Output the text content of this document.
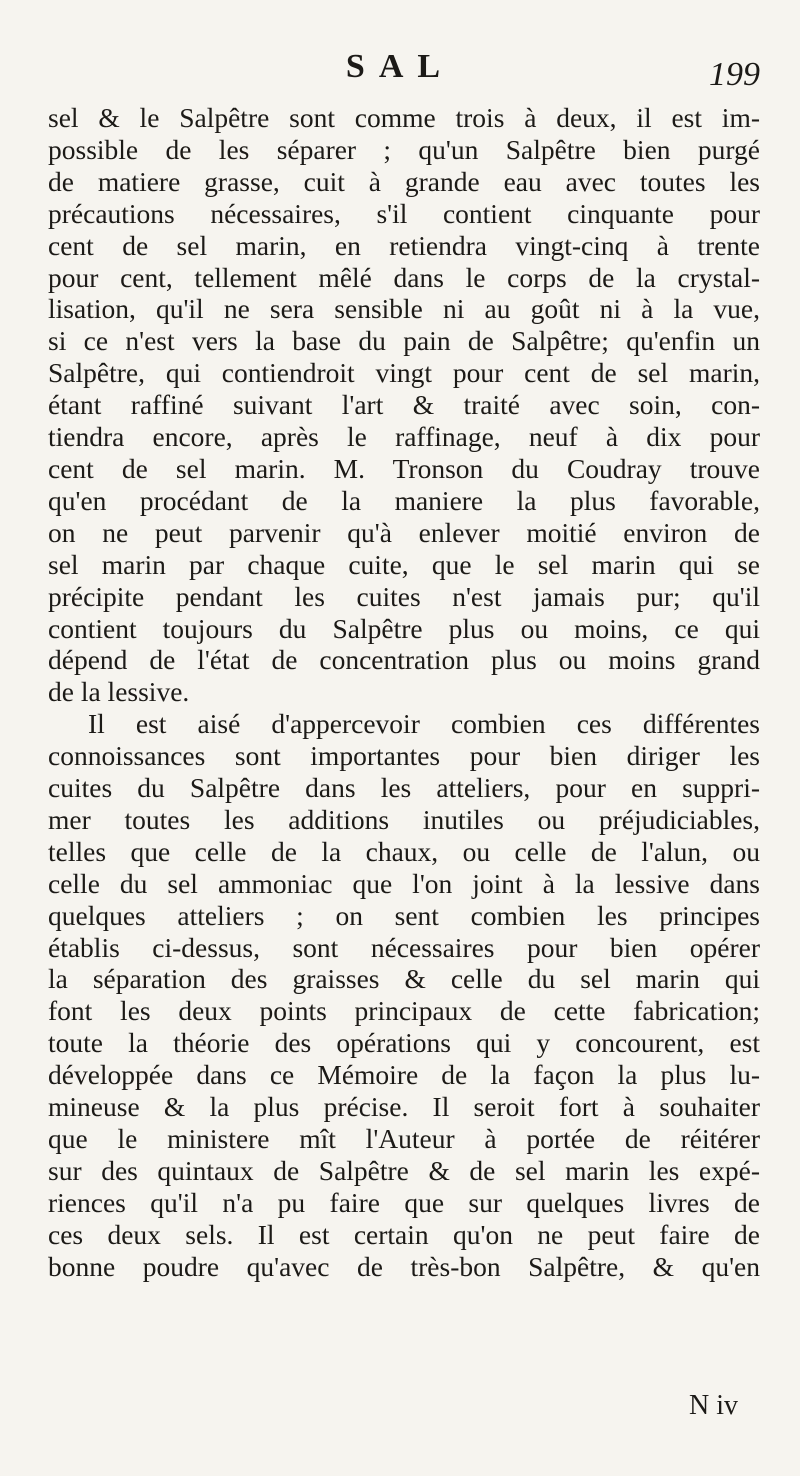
SAL	199
sel & le Salpêtre sont comme trois à deux, il est im-
possible de les séparer ; qu'un Salpêtre bien purgé
de matiere grasse, cuit à grande eau avec toutes les
précautions nécessaires, s'il contient cinquante pour
cent de sel marin, en retiendra vingt-cinq à trente
pour cent, tellement mêlé dans le corps de la crystal-
lisation, qu'il ne sera sensible ni au goût ni à la vue,
si ce n'est vers la base du pain de Salpêtre; qu'enfin un
Salpêtre, qui contiendroit vingt pour cent de sel marin,
étant raffiné suivant l'art & traité avec soin, con-
tiendra encore, après le raffinage, neuf à dix pour
cent de sel marin. M. Tronson du Coudray trouve
qu'en procédant de la maniere la plus favorable,
on ne peut parvenir qu'à enlever moitié environ de
sel marin par chaque cuite, que le sel marin qui se
précipite pendant les cuites n'est jamais pur; qu'il
contient toujours du Salpêtre plus ou moins, ce qui
dépend de l'état de concentration plus ou moins grand
de la lessive.
Il est aisé d'appercevoir combien ces différentes
connoissances sont importantes pour bien diriger les
cuites du Salpêtre dans les atteliers, pour en suppri-
mer toutes les additions inutiles ou préjudiciables,
telles que celle de la chaux, ou celle de l'alun, ou
celle du sel ammoniac que l'on joint à la lessive dans
quelques atteliers ; on sent combien les principes
établis ci-dessus, sont nécessaires pour bien opérer
la séparation des graisses & celle du sel marin qui
font les deux points principaux de cette fabrication;
toute la théorie des opérations qui y concourent, est
développée dans ce Mémoire de la façon la plus lu-
mineuse & la plus précise. Il seroit fort à souhaiter
que le ministere mît l'Auteur à portée de réitérer
sur des quintaux de Salpêtre & de sel marin les expé-
riences qu'il n'a pu faire que sur quelques livres de
ces deux sels. Il est certain qu'on ne peut faire de
bonne poudre qu'avec de très-bon Salpêtre, & qu'en
N iv
